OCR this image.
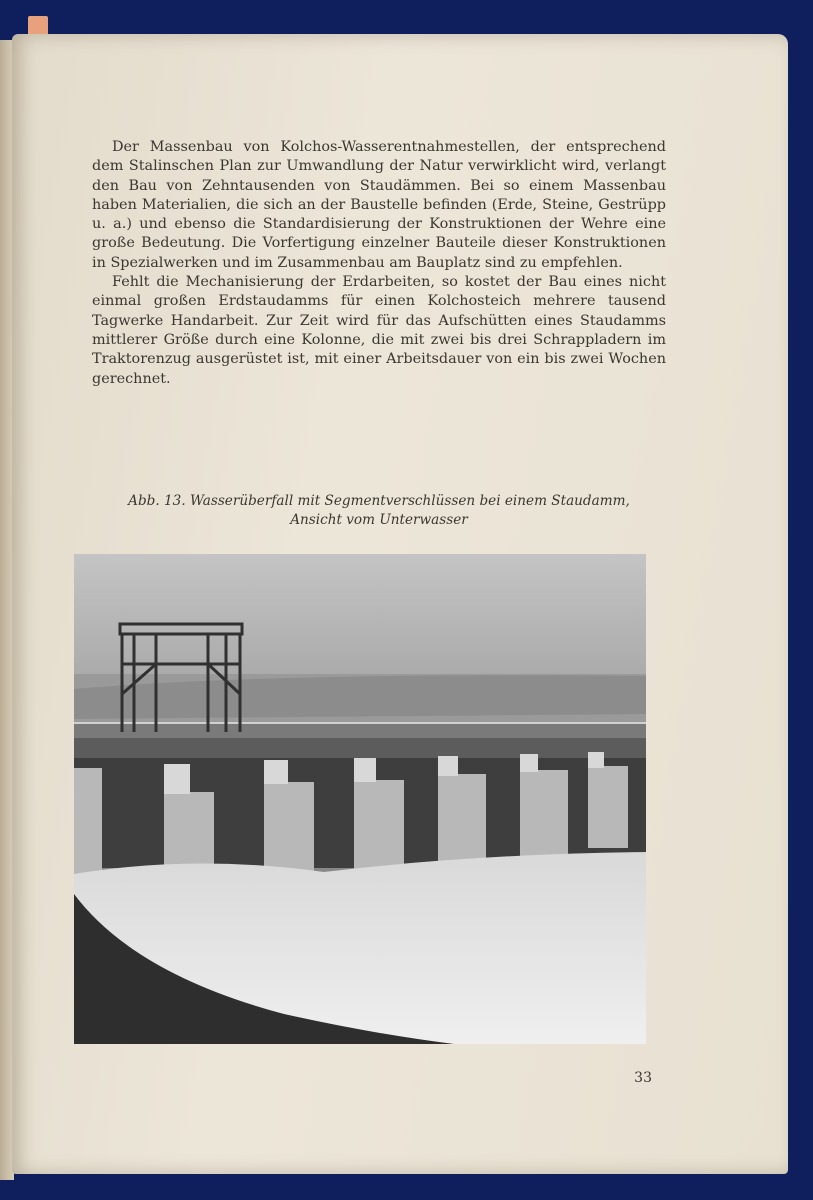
Der Massenbau von Kolchos-Wasserentnahmestellen, der entsprechend dem Stalinschen Plan zur Umwandlung der Natur verwirklicht wird, verlangt den Bau von Zehntausenden von Staudämmen. Bei so einem Massenbau haben Materialien, die sich an der Baustelle befinden (Erde, Steine, Gestrüpp u. a.) und ebenso die Standardisierung der Konstruktionen der Wehre eine große Bedeutung. Die Vorfertigung einzelner Bauteile dieser Konstruktionen in Spezialwerken und im Zusammenbau am Bauplatz sind zu empfehlen.

Fehlt die Mechanisierung der Erdarbeiten, so kostet der Bau eines nicht einmal großen Erdstaudamms für einen Kolchosteich mehrere tausend Tagwerke Handarbeit. Zur Zeit wird für das Aufschütten eines Staudamms mittlerer Größe durch eine Kolonne, die mit zwei bis drei Schrappladern im Traktorenzug ausgerüstet ist, mit einer Arbeitsdauer von ein bis zwei Wochen gerechnet.

Abb. 13. Wasserüberfall mit Segmentverschlüssen bei einem Staudamm,
Ansicht vom Unterwasser
33
